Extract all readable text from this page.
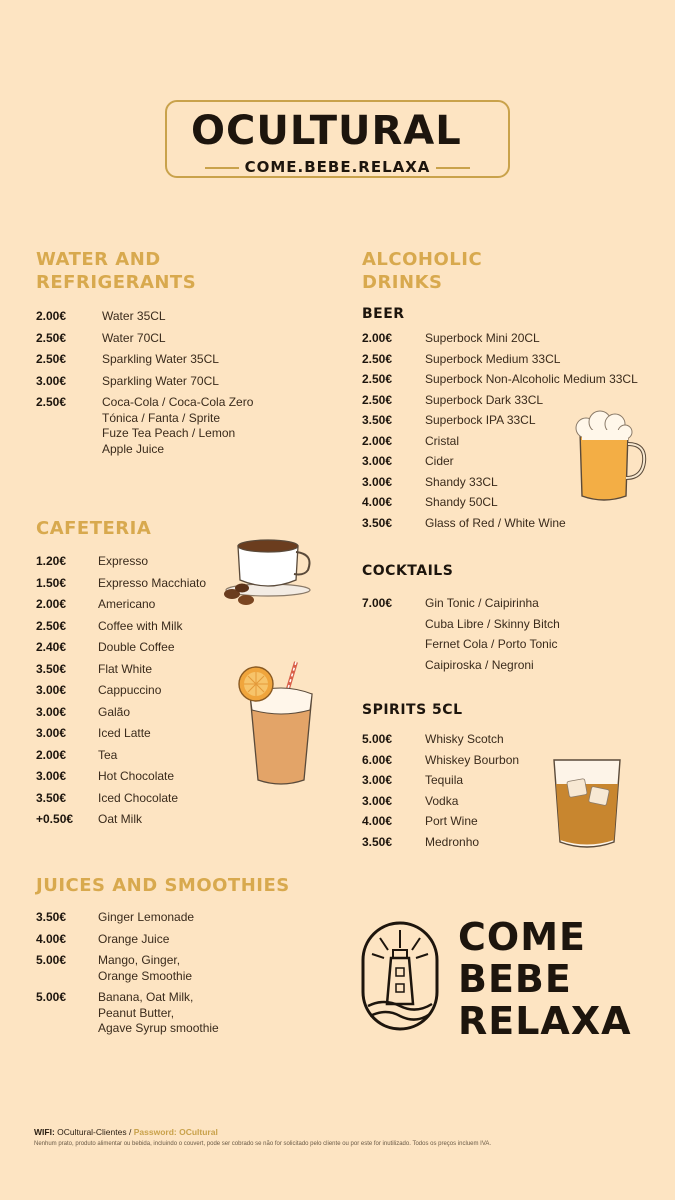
OCULTURAL
COME.BEBE.RELAXA
WATER AND
REFRIGERANTS
2.00€	Water 35CL
2.50€	Water 70CL
2.50€	Sparkling Water 35CL
3.00€	Sparkling Water 70CL
2.50€	Coca-Cola / Coca-Cola Zero
Tónica / Fanta / Sprite
Fuze Tea Peach / Lemon
Apple Juice
CAFETERIA
1.20€	Expresso
1.50€	Expresso Macchiato
2.00€	Americano
2.50€	Coffee with Milk
2.40€	Double Coffee
3.50€	Flat White
3.00€	Cappuccino
3.00€	Galão
3.00€	Iced Latte
2.00€	Tea
3.00€	Hot Chocolate
3.50€	Iced Chocolate
+0.50€	Oat Milk
JUICES AND SMOOTHIES
3.50€	Ginger Lemonade
4.00€	Orange Juice
5.00€	Mango, Ginger,
Orange Smoothie
5.00€	Banana, Oat Milk,
Peanut Butter,
Agave Syrup smoothie
ALCOHOLIC
DRINKS
BEER
2.00€	Superbock Mini 20CL
2.50€	Superbock Medium 33CL
2.50€	Superbock Non-Alcoholic Medium 33CL
2.50€	Superbock Dark 33CL
3.50€	Superbock IPA 33CL
2.00€	Cristal
3.00€	Cider
3.00€	Shandy 33CL
4.00€	Shandy 50CL
3.50€	Glass of Red / White Wine
COCKTAILS
7.00€	Gin Tonic / Caipirinha
Cuba Libre / Skinny Bitch
Fernet Cola / Porto Tonic
Caipiroska / Negroni
SPIRITS 5CL
5.00€	Whisky Scotch
6.00€	Whiskey Bourbon
3.00€	Tequila
3.00€	Vodka
4.00€	Port Wine
3.50€	Medronho
COME
BEBE
RELAXA
WIFI: OCultural-Clientes / Password: OCultural
Nenhum prato, produto alimentar ou bebida, incluindo o couvert, pode ser cobrado se não for solicitado pelo cliente ou por este for inutilizado. Todos os preços incluem IVA.
